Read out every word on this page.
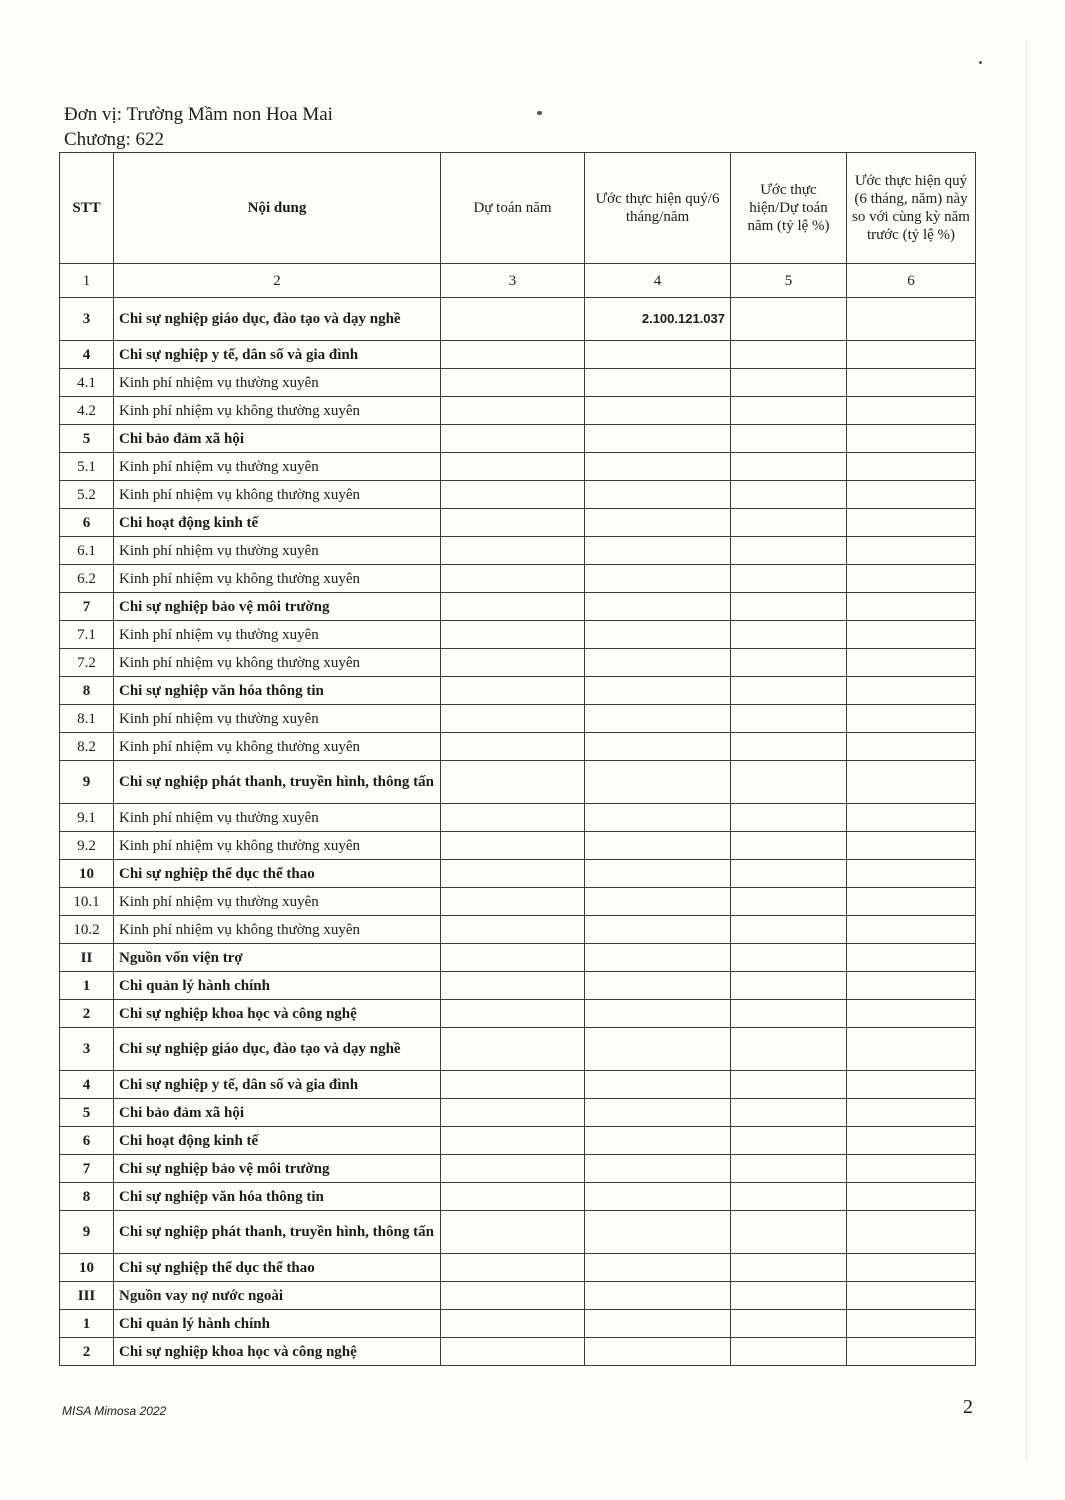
Đơn vị: Trường Mầm non Hoa Mai
Chương: 622
STT	Nội dung	Dự toán năm	Ước thực hiện quý/6 tháng/năm	Ước thực hiện/Dự toán năm (tỷ lệ %)	Ước thực hiện quý (6 tháng, năm) này so với cùng kỳ năm trước (tỷ lệ %)
1	2	3	4	5	6
3	Chi sự nghiệp giáo dục, đào tạo và dạy nghề		2.100.121.037		
4	Chi sự nghiệp y tế, dân số và gia đình				
4.1	Kinh phí nhiệm vụ thường xuyên				
4.2	Kinh phí nhiệm vụ không thường xuyên				
5	Chi bảo đảm xã hội				
5.1	Kinh phí nhiệm vụ thường xuyên				
5.2	Kinh phí nhiệm vụ không thường xuyên				
6	Chi hoạt động kinh tế				
6.1	Kinh phí nhiệm vụ thường xuyên				
6.2	Kinh phí nhiệm vụ không thường xuyên				
7	Chi sự nghiệp bảo vệ môi trường				
7.1	Kinh phí nhiệm vụ thường xuyên				
7.2	Kinh phí nhiệm vụ không thường xuyên				
8	Chi sự nghiệp văn hóa thông tin				
8.1	Kinh phí nhiệm vụ thường xuyên				
8.2	Kinh phí nhiệm vụ không thường xuyên				
9	Chi sự nghiệp phát thanh, truyền hình, thông tấn				
9.1	Kinh phí nhiệm vụ thường xuyên				
9.2	Kinh phí nhiệm vụ không thường xuyên				
10	Chi sự nghiệp thể dục thể thao				
10.1	Kinh phí nhiệm vụ thường xuyên				
10.2	Kinh phí nhiệm vụ không thường xuyên				
II	Nguồn vốn viện trợ				
1	Chi quản lý hành chính				
2	Chi sự nghiệp khoa học và công nghệ				
3	Chi sự nghiệp giáo dục, đào tạo và dạy nghề				
4	Chi sự nghiệp y tế, dân số và gia đình				
5	Chi bảo đảm xã hội				
6	Chi hoạt động kinh tế				
7	Chi sự nghiệp bảo vệ môi trường				
8	Chi sự nghiệp văn hóa thông tin				
9	Chi sự nghiệp phát thanh, truyền hình, thông tấn				
10	Chi sự nghiệp thể dục thể thao				
III	Nguồn vay nợ nước ngoài				
1	Chi quản lý hành chính				
2	Chi sự nghiệp khoa học và công nghệ				
MISA Mimosa 2022	2
